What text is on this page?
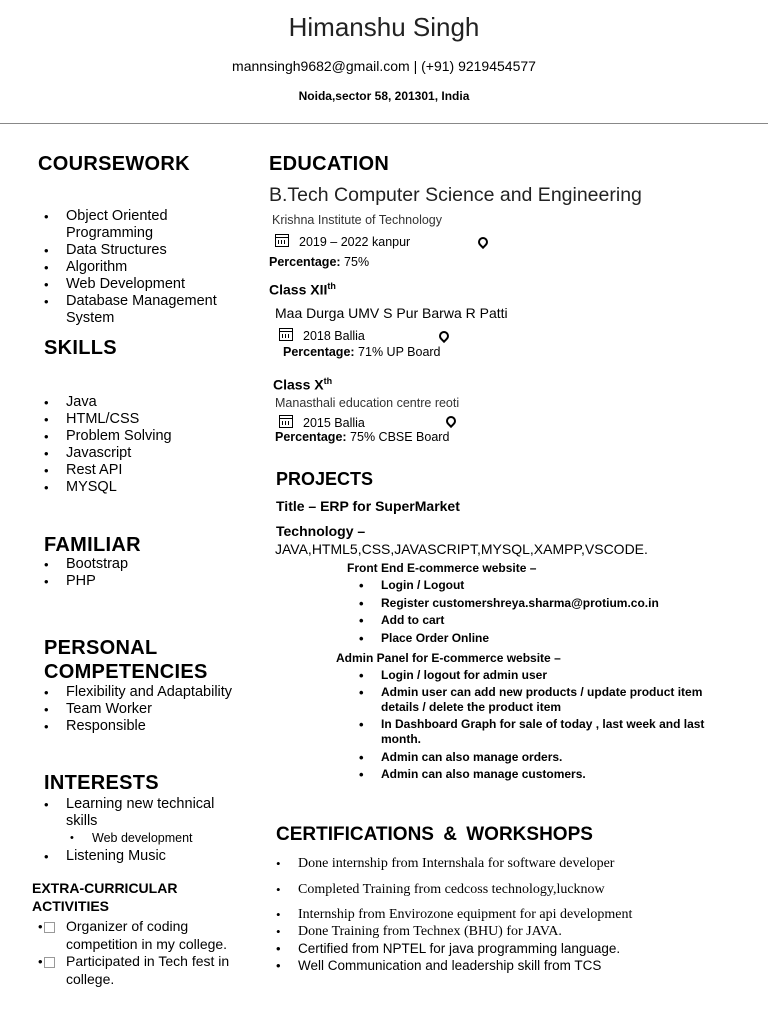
Himanshu Singh
mannsingh9682@gmail.com | (+91) 9219454577
Noida,sector 58, 201301, India
COURSEWORK
• Object Oriented Programming
• Data Structures
• Algorithm
• Web Development
• Database Management System
SKILLS
• Java
• HTML/CSS
• Problem Solving
• Javascript
• Rest API
• MYSQL
FAMILIAR
• Bootstrap
• PHP
PERSONAL COMPETENCIES
• Flexibility and Adaptability
• Team Worker
• Responsible
INTERESTS
• Learning new technical skills
• Web development
• Listening Music
EXTRA-CURRICULAR ACTIVITIES
• Organizer of coding competition in my college.
• Participated in Tech fest in college.
EDUCATION
B.Tech Computer Science and Engineering
Krishna Institute of Technology
2019 – 2022 kanpur
Percentage: 75%
Class XIIth
Maa Durga UMV S Pur Barwa R Patti
2018 Ballia
Percentage: 71% UP Board
Class Xth
Manasthali education centre reoti
2015 Ballia
Percentage: 75% CBSE Board
PROJECTS
Title – ERP for SuperMarket
Technology –
JAVA,HTML5,CSS,JAVASCRIPT,MYSQL,XAMPP,VSCODE.
Front End E-commerce website –
• Login / Logout
• Register customershreya.sharma@protium.co.in
• Add to cart
• Place Order Online
Admin Panel for E-commerce website –
• Login / logout for admin user
• Admin user can add new products / update product item details / delete the product item
• In Dashboard Graph for sale of today , last week and last month.
• Admin can also manage orders.
• Admin can also manage customers.
CERTIFICATIONS & WORKSHOPS
• Done internship from Internshala for software developer
• Completed Training from cedcoss technology,lucknow
• Internship from Envirozone equipment for api development
• Done Training from Technex (BHU) for JAVA.
• Certified from NPTEL for java programming language.
• Well Communication and leadership skill from TCS
